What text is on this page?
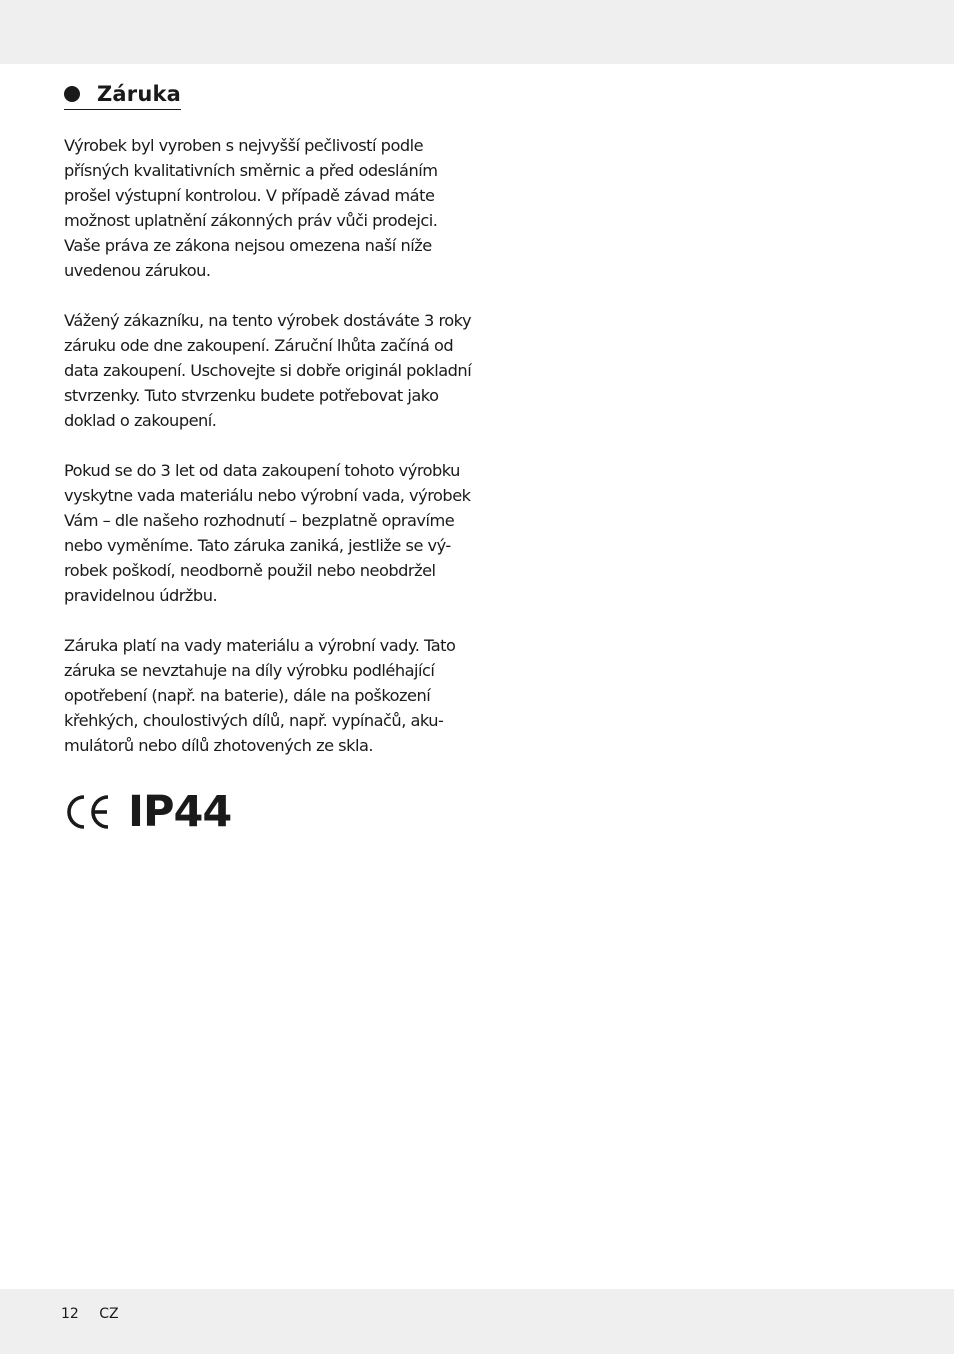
Záruka

Výrobek byl vyroben s nejvyšší pečlivostí podle
přísných kvalitativních směrnic a před odesláním
prošel výstupní kontrolou. V případě závad máte
možnost uplatnění zákonných práv vůči prodejci.
Vaše práva ze zákona nejsou omezena naší níže
uvedenou zárukou.

Vážený zákazníku, na tento výrobek dostáváte 3 roky
záruku ode dne zakoupení. Záruční lhůta začíná od
data zakoupení. Uschovejte si dobře originál pokladní
stvrzenky. Tuto stvrzenku budete potřebovat jako
doklad o zakoupení.

Pokud se do 3 let od data zakoupení tohoto výrobku
vyskytne vada materiálu nebo výrobní vada, výrobek
Vám – dle našeho rozhodnutí – bezplatně opravíme
nebo vyměníme. Tato záruka zaniká, jestliže se vý-
robek poškodí, neodborně použil nebo neobdržel
pravidelnou údržbu.

Záruka platí na vady materiálu a výrobní vady. Tato
záruka se nevztahuje na díly výrobku podléhající
opotřebení (např. na baterie), dále na poškození
křehkých, choulostivých dílů, např. vypínačů, aku-
mulátorů nebo dílů zhotovených ze skla.

IP44
12 CZ
